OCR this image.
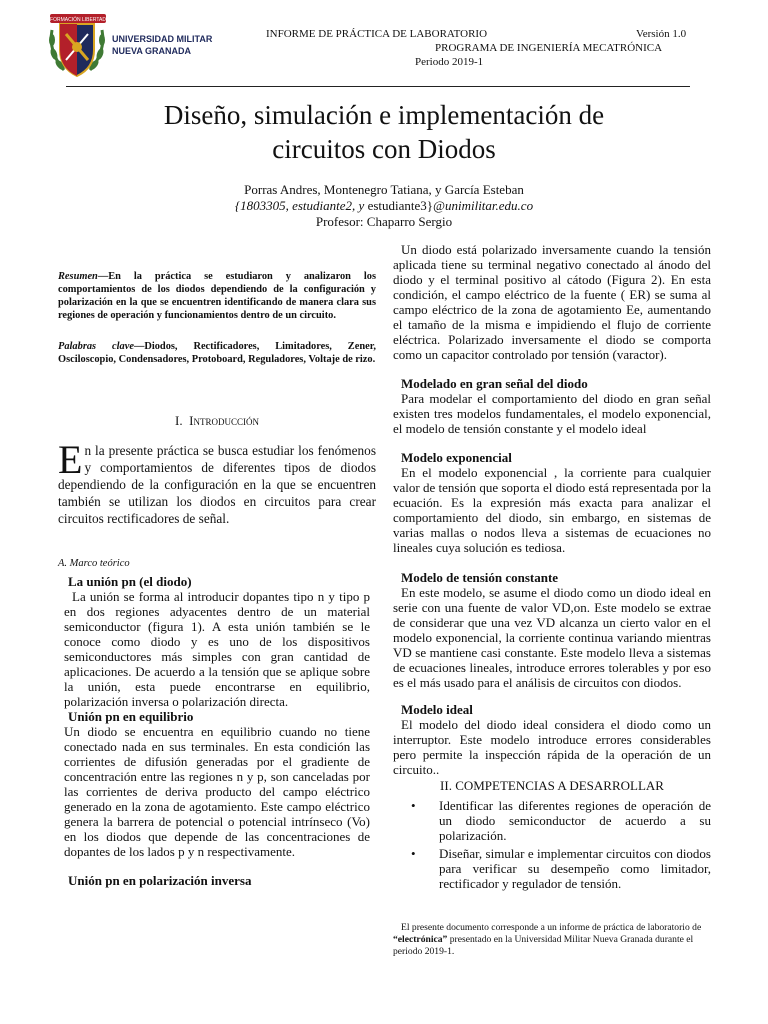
FORMACIÓN LIBERTAD
UNIVERSIDAD MILITAR
NUEVA GRANADA
INFORME DE PRÁCTICA DE LABORATORIO	Versión 1.0
PROGRAMA DE INGENIERÍA MECATRÓNICA
Periodo 2019-1
Diseño, simulación e implementación de
circuitos con Diodos
Porras Andres, Montenegro Tatiana, y García Esteban
{1803305, estudiante2, y estudiante3}@unimilitar.edu.co
Profesor: Chaparro Sergio
Resumen—En la práctica se estudiaron y analizaron los comportamientos de los diodos dependiendo de la configuración y polarización en la que se encuentren identificando de manera clara sus regiones de operación y funcionamientos dentro de un circuito.
Palabras clave—Diodos, Rectificadores, Limitadores, Zener, Osciloscopio, Condensadores, Protoboard, Reguladores, Voltaje de rizo.
I. Introducción
En la presente práctica se busca estudiar los fenómenos y comportamientos de diferentes tipos de diodos dependiendo de la configuración en la que se encuentren también se utilizan los diodos en circuitos para crear circuitos rectificadores de señal.
A. Marco teórico

La unión pn (el diodo)

La unión se forma al introducir dopantes tipo n y tipo p en dos regiones adyacentes dentro de un material semiconductor (figura 1). A esta unión también se le conoce como diodo y es uno de los dispositivos semiconductores más simples con gran cantidad de aplicaciones. De acuerdo a la tensión que se aplique sobre la unión, esta puede encontrarse en equilibrio, polarización inversa o polarización directa.

Unión pn en equilibrio

Un diodo se encuentra en equilibrio cuando no tiene conectado nada en sus terminales. En esta condición las corrientes de difusión generadas por el gradiente de concentración entre las regiones n y p, son canceladas por las corrientes de deriva producto del campo eléctrico generado en la zona de agotamiento. Este campo eléctrico genera la barrera de potencial o potencial intrínseco (Vo) en los diodos que depende de las concentraciones de dopantes de los lados p y n respectivamente.

Unión pn en polarización inversa

Un diodo está polarizado inversamente cuando la tensión aplicada tiene su terminal negativo conectado al ánodo del diodo y el terminal positivo al cátodo (Figura 2). En esta condición, el campo eléctrico de la fuente ( ER) se suma al campo eléctrico de la zona de agotamiento Ee, aumentando el tamaño de la misma e impidiendo el flujo de corriente eléctrica. Polarizado inversamente el diodo se comporta como un capacitor controlado por tensión (varactor).

Modelado en gran señal del diodo

Para modelar el comportamiento del diodo en gran señal existen tres modelos fundamentales, el modelo exponencial, el modelo de tensión constante y el modelo ideal

Modelo exponencial

En el modelo exponencial , la corriente para cualquier valor de tensión que soporta el diodo está representada por la ecuación. Es la expresión más exacta para analizar el comportamiento del diodo, sin embargo, en sistemas de varias mallas o nodos lleva a sistemas de ecuaciones no lineales cuya solución es tediosa.

Modelo de tensión constante

En este modelo, se asume el diodo como un diodo ideal en serie con una fuente de valor VD,on. Este modelo se extrae de considerar que una vez VD alcanza un cierto valor en el modelo exponencial, la corriente continua variando mientras VD se mantiene casi constante. Este modelo lleva a sistemas de ecuaciones lineales, introduce errores tolerables y por eso es el más usado para el análisis de circuitos con diodos.

Modelo ideal

El modelo del diodo ideal considera el diodo como un interruptor. Este modelo introduce errores considerables pero permite la inspección rápida de la operación de un circuito..

II. COMPETENCIAS A DESARROLLAR
• Identificar las diferentes regiones de operación de un diodo semiconductor de acuerdo a su polarización.
• Diseñar, simular e implementar circuitos con diodos para verificar su desempeño como limitador, rectificador y regulador de tensión.
El presente documento corresponde a un informe de práctica de laboratorio de “electrónica” presentado en la Universidad Militar Nueva Granada durante el periodo 2019-1.
